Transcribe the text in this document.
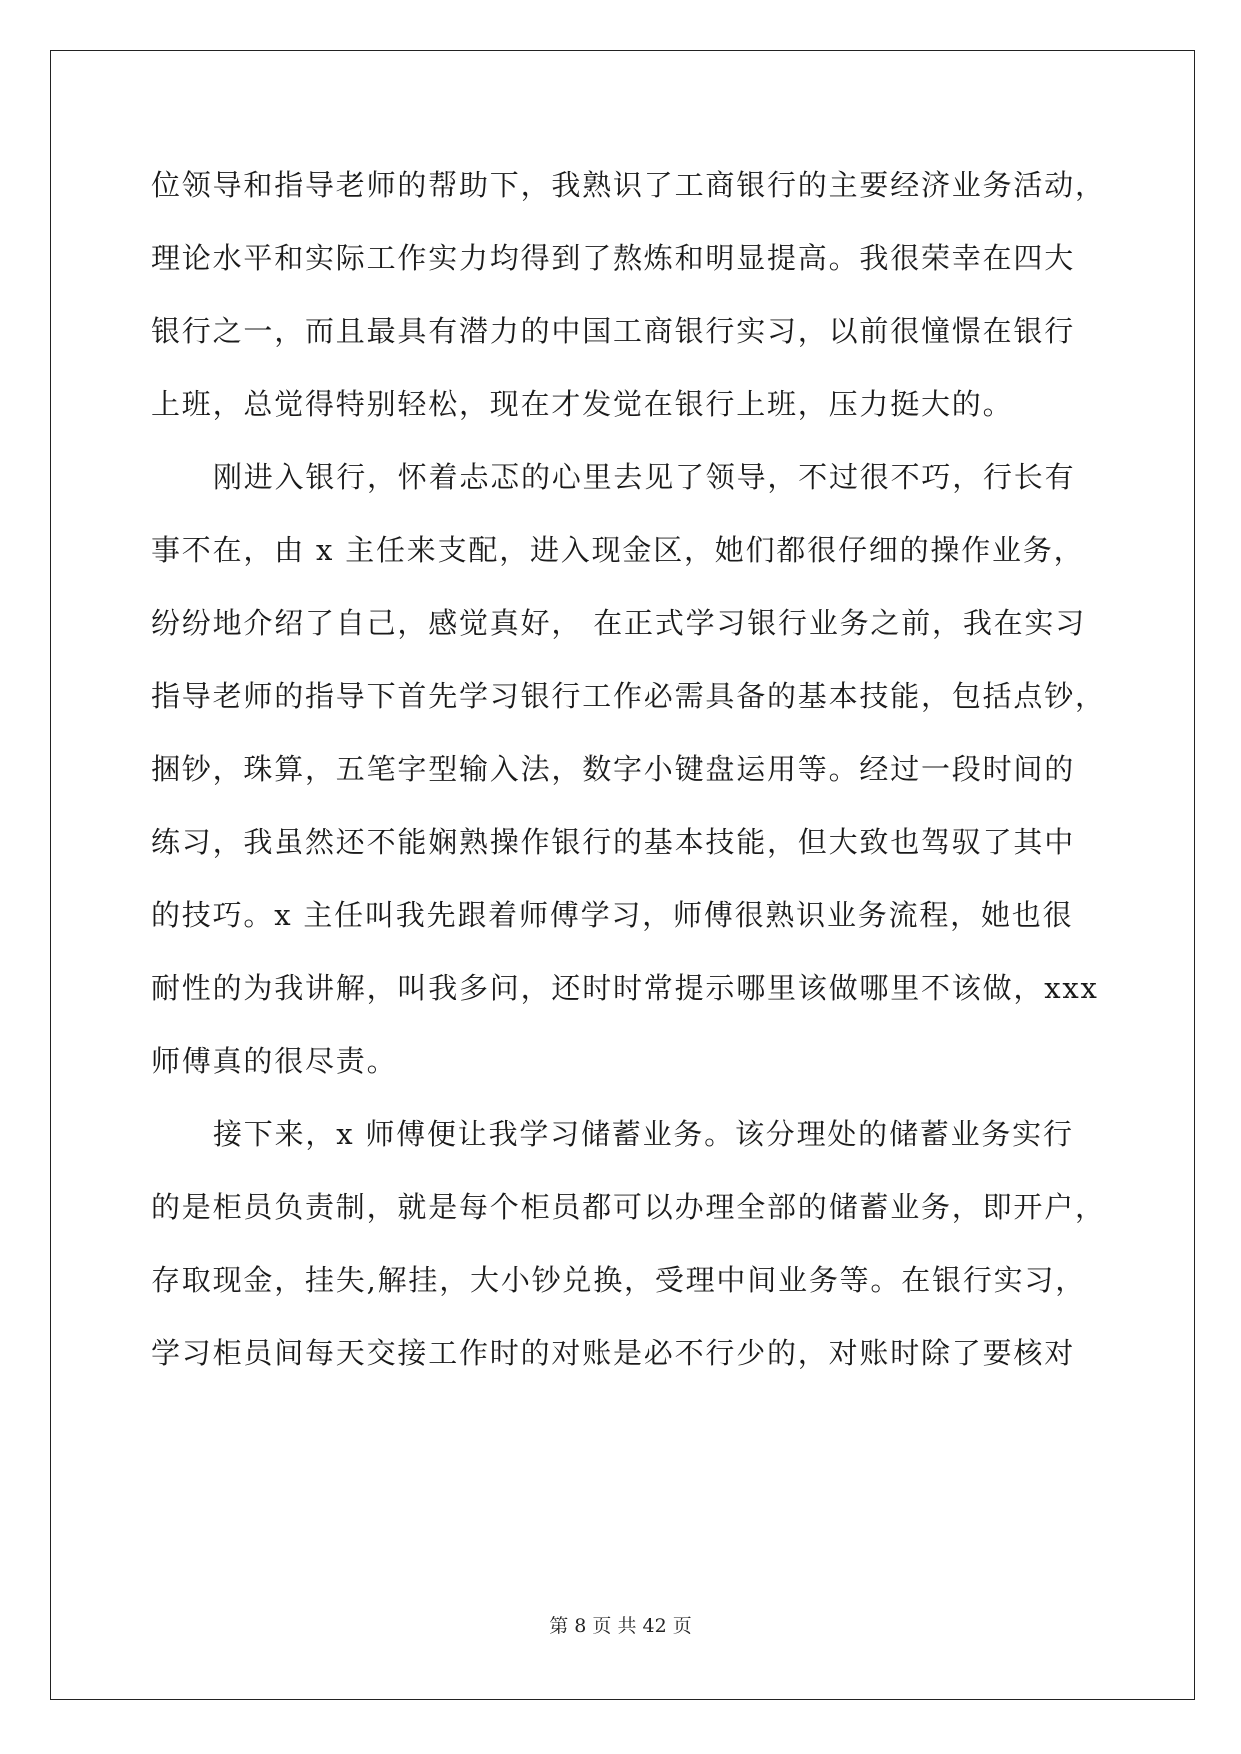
位领导和指导老师的帮助下，我熟识了工商银行的主要经济业务活动，
理论水平和实际工作实力均得到了熬炼和明显提高。我很荣幸在四大
银行之一，而且最具有潜力的中国工商银行实习，以前很憧憬在银行
上班，总觉得特别轻松，现在才发觉在银行上班，压力挺大的。
刚进入银行，怀着忐忑的心里去见了领导，不过很不巧，行长有
事不在，由 x 主任来支配，进入现金区，她们都很仔细的操作业务，
纷纷地介绍了自己，感觉真好， 在正式学习银行业务之前，我在实习
指导老师的指导下首先学习银行工作必需具备的基本技能，包括点钞，
捆钞，珠算，五笔字型输入法，数字小键盘运用等。经过一段时间的
练习，我虽然还不能娴熟操作银行的基本技能，但大致也驾驭了其中
的技巧。x 主任叫我先跟着师傅学习，师傅很熟识业务流程，她也很
耐性的为我讲解，叫我多问，还时时常提示哪里该做哪里不该做，xxx
师傅真的很尽责。
接下来，x 师傅便让我学习储蓄业务。该分理处的储蓄业务实行
的是柜员负责制，就是每个柜员都可以办理全部的储蓄业务，即开户，
存取现金，挂失,解挂，大小钞兑换，受理中间业务等。在银行实习，
学习柜员间每天交接工作时的对账是必不行少的，对账时除了要核对
第 8 页 共 42 页
